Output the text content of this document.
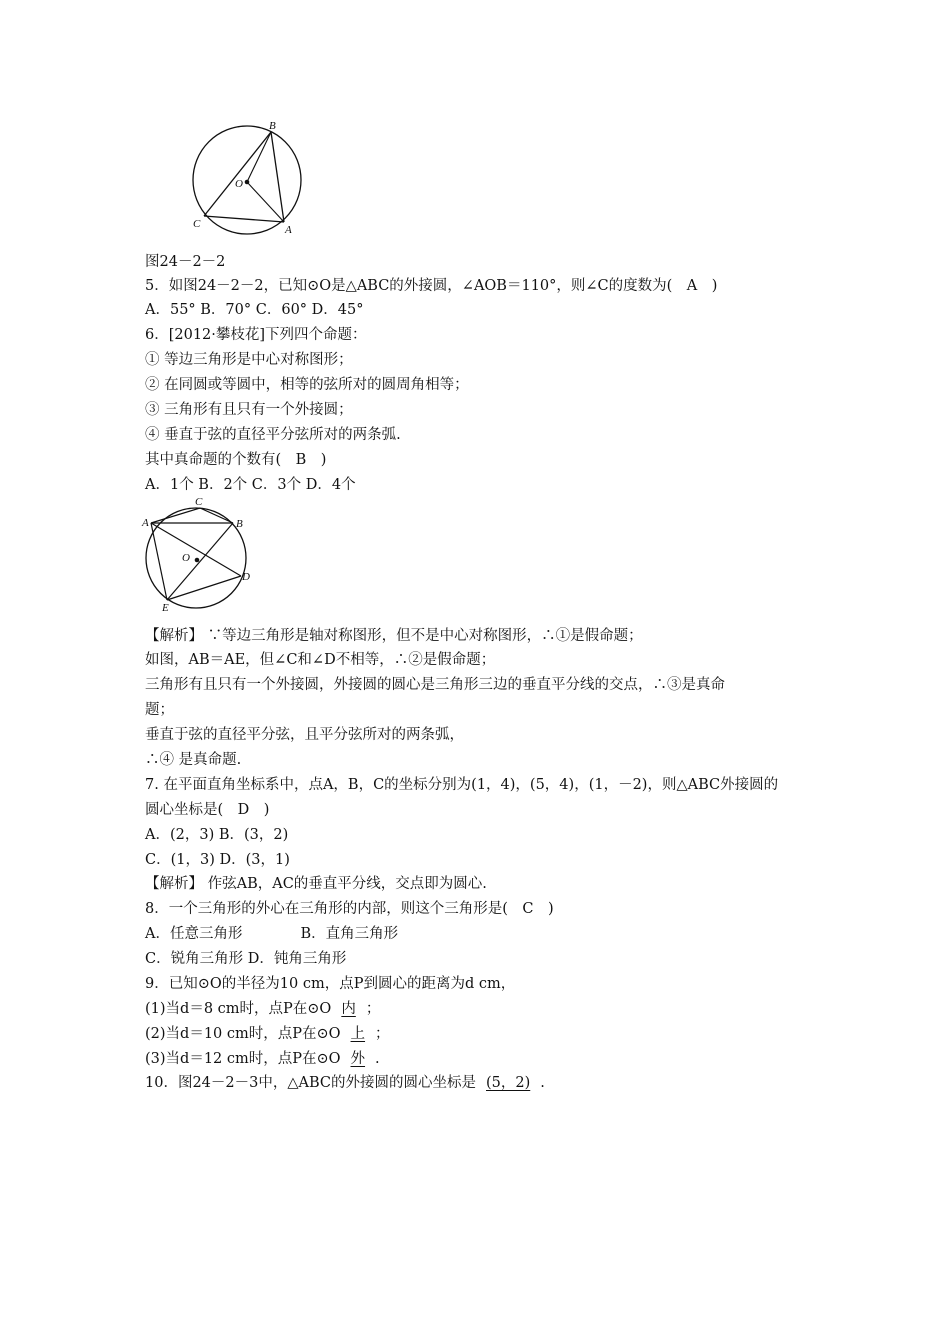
B
O
C	A
图24－2－2
5．如图24－2－2，已知⊙O是△ABC的外接圆，∠AOB＝110°，则∠C的度数为(　A　)
A．55° B．70° C．60° D．45°
6．[2012·攀枝花]下列四个命题：
① 等边三角形是中心对称图形；
② 在同圆或等圆中，相等的弦所对的圆周角相等；
③ 三角形有且只有一个外接圆；
④ 垂直于弦的直径平分弦所对的两条弧.
其中真命题的个数有(　B　)
A．1个 B．2个 C．3个 D．4个
C
A	B
O
D
E
【解析】 ∵等边三角形是轴对称图形，但不是中心对称图形，∴①是假命题；
如图，AB＝AE，但∠C和∠D不相等，∴②是假命题；
三角形有且只有一个外接圆，外接圆的圆心是三角形三边的垂直平分线的交点，∴③是真命
题；
垂直于弦的直径平分弦，且平分弦所对的两条弧，
∴④ 是真命题.
7. 在平面直角坐标系中，点A，B，C的坐标分别为(1，4)，(5，4)，(1，－2)，则△ABC外接圆的
圆心坐标是(　D　)
A．(2，3) B．(3，2)
C．(1，3) D．(3，1)
【解析】 作弦AB，AC的垂直平分线，交点即为圆心.
8．一个三角形的外心在三角形的内部，则这个三角形是(　C　)
A．任意三角形　　　　B．直角三角形
C．锐角三角形 D．钝角三角形
9．已知⊙O的半径为10 cm，点P到圆心的距离为d cm，
(1)当d＝8 cm时，点P在⊙O 内 ；
(2)当d＝10 cm时，点P在⊙O 上 ；
(3)当d＝12 cm时，点P在⊙O 外 .
10．图24－2－3中，△ABC的外接圆的圆心坐标是 (5，2) .
